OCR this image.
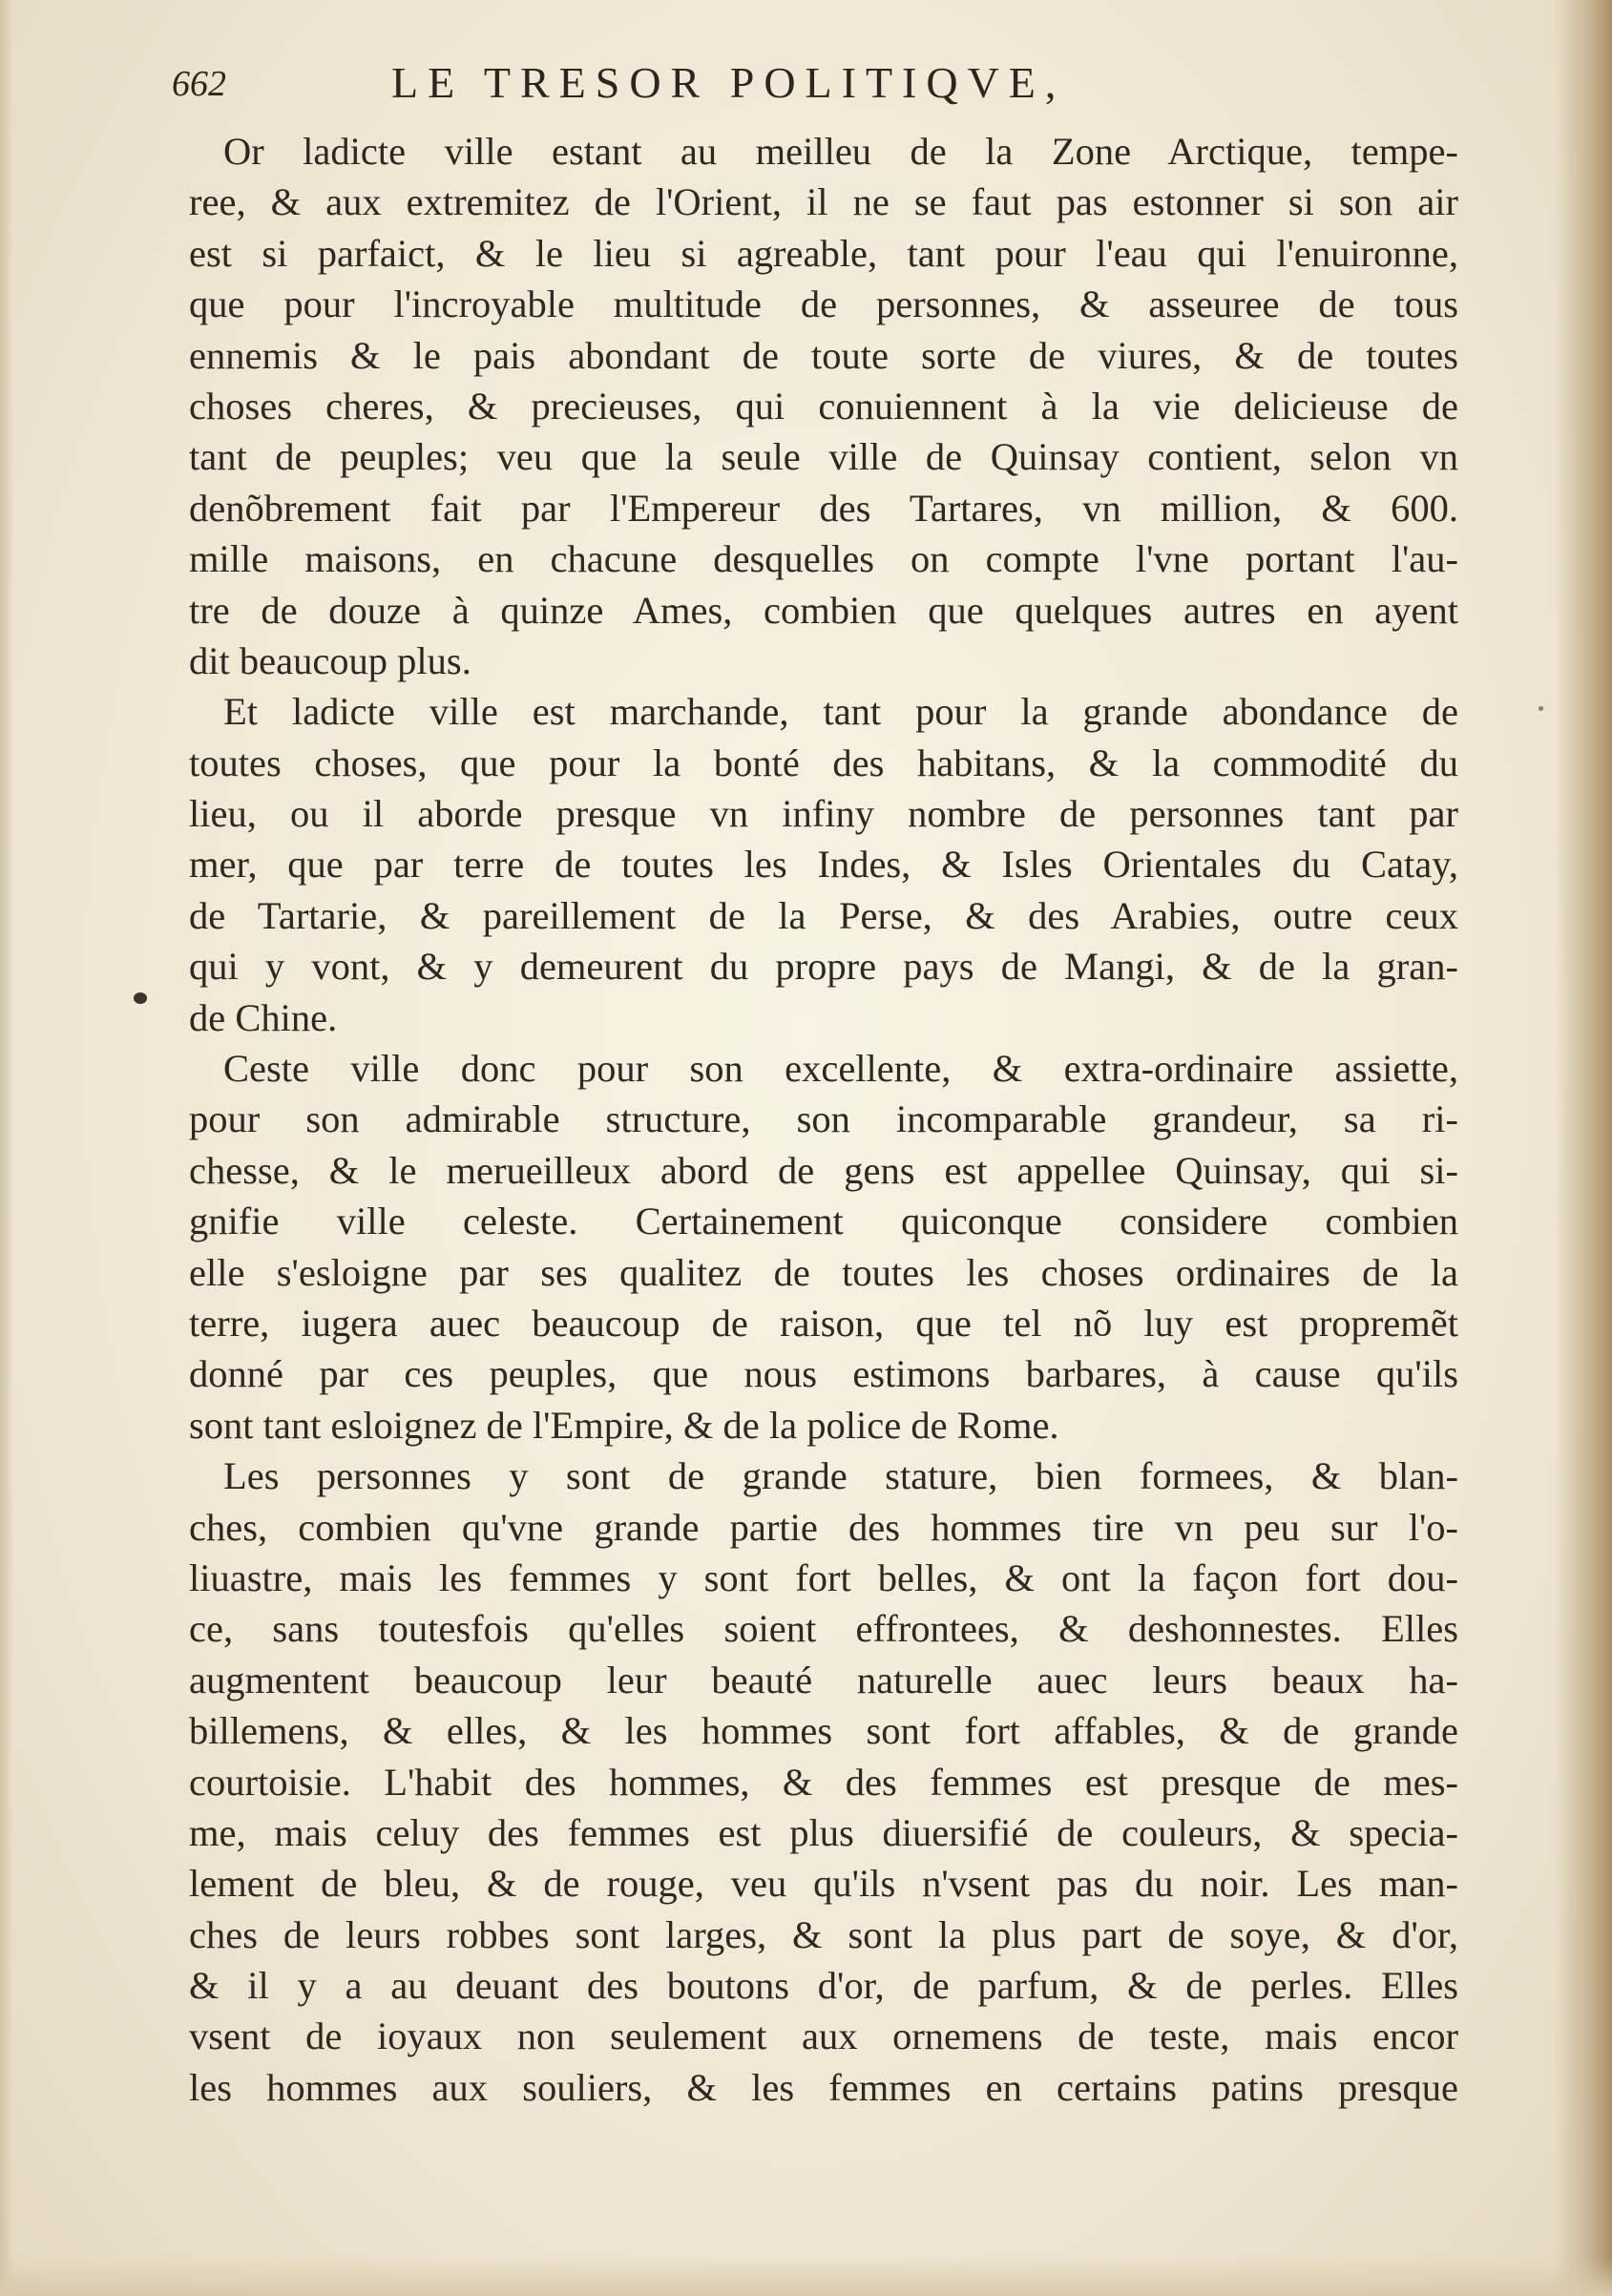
662	LE TRESOR POLITIQVE,
Or ladicte ville estant au meilleu de la Zone Arctique, tempe-
ree, & aux extremitez de l'Orient, il ne se faut pas estonner si son air
est si parfaict, & le lieu si agreable, tant pour l'eau qui l'enuironne,
que pour l'incroyable multitude de personnes, & asseuree de tous
ennemis & le pais abondant de toute sorte de viures, & de toutes
choses cheres, & precieuses, qui conuiennent à la vie delicieuse de
tant de peuples; veu que la seule ville de Quinsay contient, selon vn
denõbrement fait par l'Empereur des Tartares, vn million, & 600.
mille maisons, en chacune desquelles on compte l'vne portant l'au-
tre de douze à quinze Ames, combien que quelques autres en ayent
dit beaucoup plus.
Et ladicte ville est marchande, tant pour la grande abondance de
toutes choses, que pour la bonté des habitans, & la commodité du
lieu, ou il aborde presque vn infiny nombre de personnes tant par
mer, que par terre de toutes les Indes, & Isles Orientales du Catay,
de Tartarie, & pareillement de la Perse, & des Arabies, outre ceux
qui y vont, & y demeurent du propre pays de Mangi, & de la gran-
de Chine.
Ceste ville donc pour son excellente, & extra-ordinaire assiette,
pour son admirable structure, son incomparable grandeur, sa ri-
chesse, & le merueilleux abord de gens est appellee Quinsay, qui si-
gnifie ville celeste. Certainement quiconque considere combien
elle s'esloigne par ses qualitez de toutes les choses ordinaires de la
terre, iugera auec beaucoup de raison, que tel nõ luy est propremẽt
donné par ces peuples, que nous estimons barbares, à cause qu'ils
sont tant esloignez de l'Empire, & de la police de Rome.
Les personnes y sont de grande stature, bien formees, & blan-
ches, combien qu'vne grande partie des hommes tire vn peu sur l'o-
liuastre, mais les femmes y sont fort belles, & ont la façon fort dou-
ce, sans toutesfois qu'elles soient effrontees, & deshonnestes. Elles
augmentent beaucoup leur beauté naturelle auec leurs beaux ha-
billemens, & elles, & les hommes sont fort affables, & de grande
courtoisie. L'habit des hommes, & des femmes est presque de mes-
me, mais celuy des femmes est plus diuersifié de couleurs, & specia-
lement de bleu, & de rouge, veu qu'ils n'vsent pas du noir. Les man-
ches de leurs robbes sont larges, & sont la plus part de soye, & d'or,
& il y a au deuant des boutons d'or, de parfum, & de perles. Elles
vsent de ioyaux non seulement aux ornemens de teste, mais encor
les hommes aux souliers, & les femmes en certains patins presque
